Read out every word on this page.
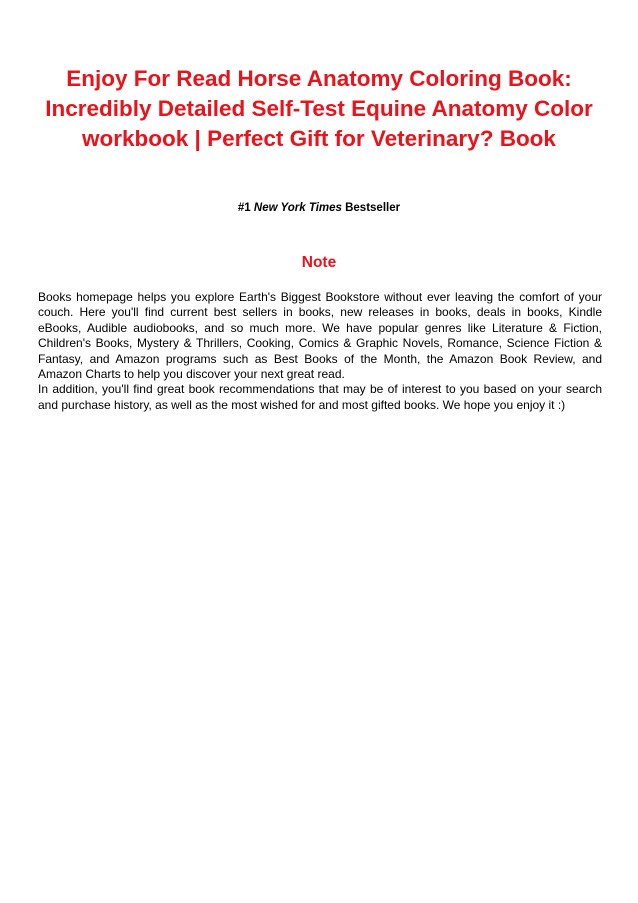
Enjoy For Read Horse Anatomy Coloring Book: Incredibly Detailed Self-Test Equine Anatomy Color workbook | Perfect Gift for Veterinary? Book
#1 New York Times Bestseller
Note

Books homepage helps you explore Earth's Biggest Bookstore without ever leaving the comfort of your couch. Here you'll find current best sellers in books, new releases in books, deals in books, Kindle eBooks, Audible audiobooks, and so much more. We have popular genres like Literature & Fiction, Children's Books, Mystery & Thrillers, Cooking, Comics & Graphic Novels, Romance, Science Fiction & Fantasy, and Amazon programs such as Best Books of the Month, the Amazon Book Review, and Amazon Charts to help you discover your next great read.

In addition, you'll find great book recommendations that may be of interest to you based on your search and purchase history, as well as the most wished for and most gifted books. We hope you enjoy it :)
